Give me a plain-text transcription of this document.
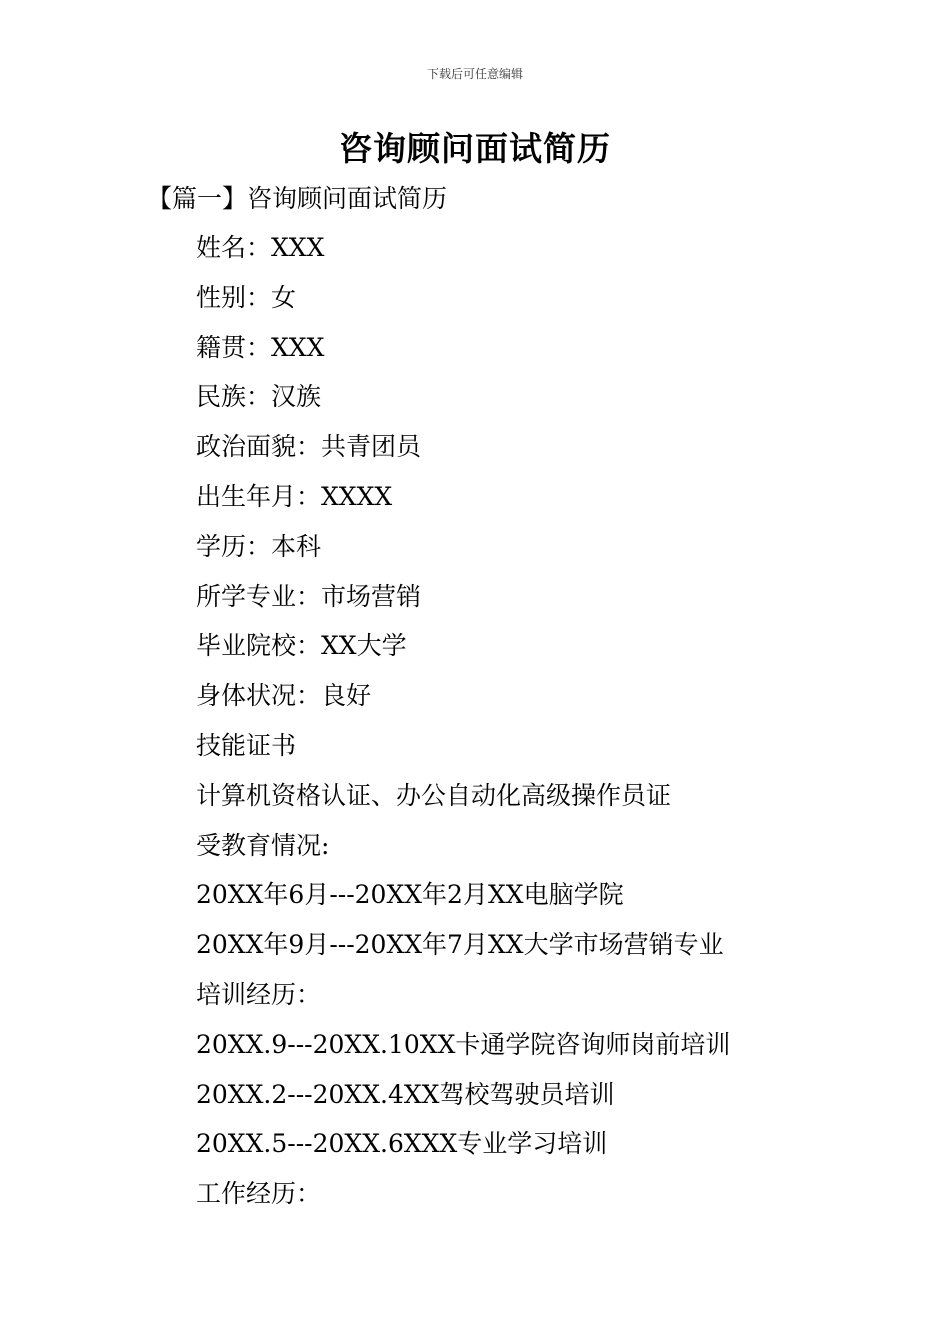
下载后可任意编辑
咨询顾问面试简历
【篇一】咨询顾问面试简历
姓名：XXX
性别：女
籍贯：XXX
民族：汉族
政治面貌：共青团员
出生年月：XXXX
学历：本科
所学专业：市场营销
毕业院校：XX大学
身体状况：良好
技能证书
计算机资格认证、办公自动化高级操作员证
受教育情况:
20XX年6月---20XX年2月XX电脑学院
20XX年9月---20XX年7月XX大学市场营销专业
培训经历：
20XX.9---20XX.10XX卡通学院咨询师岗前培训
20XX.2---20XX.4XX驾校驾驶员培训
20XX.5---20XX.6XXX专业学习培训
工作经历：
